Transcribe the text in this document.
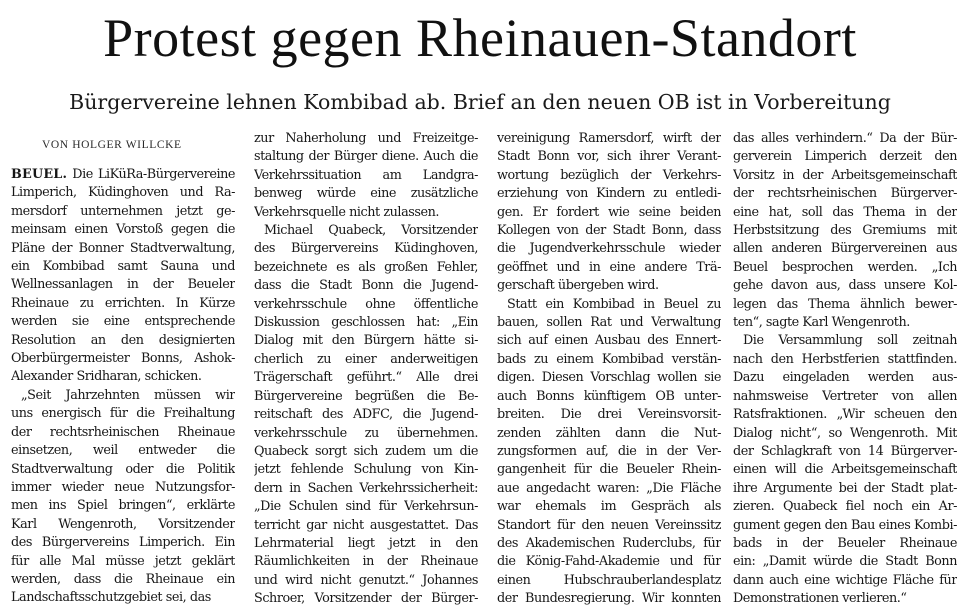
Protest gegen Rheinauen-Standort
Bürgervereine lehnen Kombibad ab. Brief an den neuen OB ist in Vorbereitung
VON HOLGER WILLCKE
BEUEL. Die LiKüRa-Bürgervereine
Limperich, Küdinghoven und Ra-
mersdorf unternehmen jetzt ge-
meinsam einen Vorstoß gegen die
Pläne der Bonner Stadtverwaltung,
ein Kombibad samt Sauna und
Wellnessanlagen in der Beueler
Rheinaue zu errichten. In Kürze
werden sie eine entsprechende
Resolution an den designierten
Oberbürgermeister Bonns, Ashok-
Alexander Sridharan, schicken.
„Seit Jahrzehnten müssen wir
uns energisch für die Freihaltung
der rechtsrheinischen Rheinaue
einsetzen, weil entweder die
Stadtverwaltung oder die Politik
immer wieder neue Nutzungsfor-
men ins Spiel bringen“, erklärte
Karl Wengenroth, Vorsitzender
des Bürgervereins Limperich. Ein
für alle Mal müsse jetzt geklärt
werden, dass die Rheinaue ein
Landschaftsschutzgebiet sei, das
zur Naherholung und Freizeitge-
staltung der Bürger diene. Auch die
Verkehrssituation am Landgra-
benweg würde eine zusätzliche
Verkehrsquelle nicht zulassen.
Michael Quabeck, Vorsitzender
des Bürgervereins Küdinghoven,
bezeichnete es als großen Fehler,
dass die Stadt Bonn die Jugend-
verkehrsschule ohne öffentliche
Diskussion geschlossen hat: „Ein
Dialog mit den Bürgern hätte si-
cherlich zu einer anderweitigen
Trägerschaft geführt.“ Alle drei
Bürgervereine begrüßen die Be-
reitschaft des ADFC, die Jugend-
verkehrsschule zu übernehmen.
Quabeck sorgt sich zudem um die
jetzt fehlende Schulung von Kin-
dern in Sachen Verkehrssicherheit:
„Die Schulen sind für Verkehrsun-
terricht gar nicht ausgestattet. Das
Lehrmaterial liegt jetzt in den
Räumlichkeiten in der Rheinaue
und wird nicht genutzt.“ Johannes
Schroer, Vorsitzender der Bürger-
vereinigung Ramersdorf, wirft der
Stadt Bonn vor, sich ihrer Verant-
wortung bezüglich der Verkehrs-
erziehung von Kindern zu entledi-
gen. Er fordert wie seine beiden
Kollegen von der Stadt Bonn, dass
die Jugendverkehrsschule wieder
geöffnet und in eine andere Trä-
gerschaft übergeben wird.
Statt ein Kombibad in Beuel zu
bauen, sollen Rat und Verwaltung
sich auf einen Ausbau des Ennert-
bads zu einem Kombibad verstän-
digen. Diesen Vorschlag wollen sie
auch Bonns künftigem OB unter-
breiten. Die drei Vereinsvorsit-
zenden zählten dann die Nut-
zungsformen auf, die in der Ver-
gangenheit für die Beueler Rhein-
aue angedacht waren: „Die Fläche
war ehemals im Gespräch als
Standort für den neuen Vereinssitz
des Akademischen Ruderclubs, für
die König-Fahd-Akademie und für
einen Hubschrauberlandesplatz
der Bundesregierung. Wir konnten
das alles verhindern.“ Da der Bür-
gerverein Limperich derzeit den
Vorsitz in der Arbeitsgemeinschaft
der rechtsrheinischen Bürgerver-
eine hat, soll das Thema in der
Herbstsitzung des Gremiums mit
allen anderen Bürgervereinen aus
Beuel besprochen werden. „Ich
gehe davon aus, dass unsere Kol-
legen das Thema ähnlich bewer-
ten“, sagte Karl Wengenroth.
Die Versammlung soll zeitnah
nach den Herbstferien stattfinden.
Dazu eingeladen werden aus-
nahmsweise Vertreter von allen
Ratsfraktionen. „Wir scheuen den
Dialog nicht“, so Wengenroth. Mit
der Schlagkraft von 14 Bürgerver-
einen will die Arbeitsgemeinschaft
ihre Argumente bei der Stadt plat-
zieren. Quabeck fiel noch ein Ar-
gument gegen den Bau eines Kombi-
bads in der Beueler Rheinaue
ein: „Damit würde die Stadt Bonn
dann auch eine wichtige Fläche für
Demonstrationen verlieren.“
